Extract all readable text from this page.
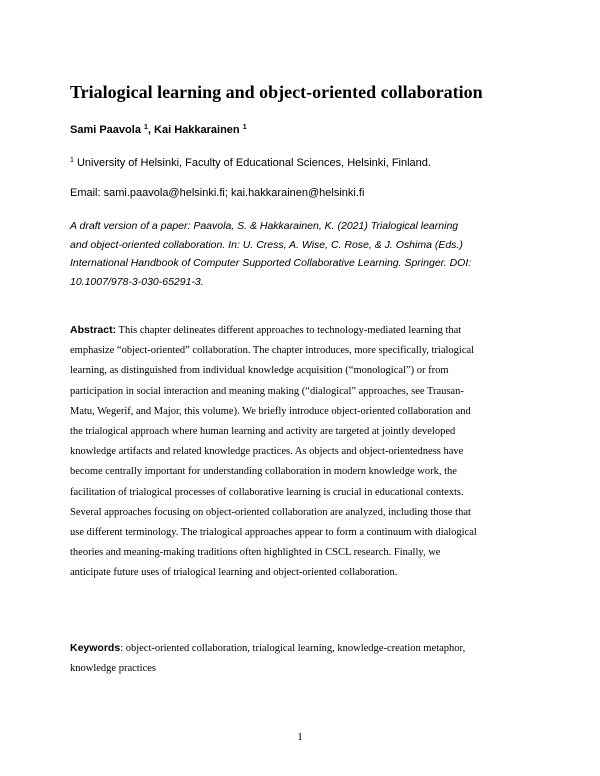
Trialogical learning and object-oriented collaboration
Sami Paavola $^1$, Kai Hakkarainen $^1$
$^1$ University of Helsinki, Faculty of Educational Sciences, Helsinki, Finland.
Email: sami.paavola@helsinki.fi; kai.hakkarainen@helsinki.fi
A draft version of a paper: Paavola, S. & Hakkarainen, K. (2021) Trialogical learning
and object-oriented collaboration. In: U. Cress, A. Wise, C. Rose, & J. Oshima (Eds.)
International Handbook of Computer Supported Collaborative Learning. Springer. DOI:
10.1007/978-3-030-65291-3.
Abstract: This chapter delineates different approaches to technology-mediated learning that
emphasize “object-oriented” collaboration. The chapter introduces, more specifically, trialogical
learning, as distinguished from individual knowledge acquisition (“monological”) or from
participation in social interaction and meaning making (“dialogical” approaches, see Trausan-
Matu, Wegerif, and Major, this volume). We briefly introduce object-oriented collaboration and
the trialogical approach where human learning and activity are targeted at jointly developed
knowledge artifacts and related knowledge practices. As objects and object-orientedness have
become centrally important for understanding collaboration in modern knowledge work, the
facilitation of trialogical processes of collaborative learning is crucial in educational contexts.
Several approaches focusing on object-oriented collaboration are analyzed, including those that
use different terminology. The trialogical approaches appear to form a continuum with dialogical
theories and meaning-making traditions often highlighted in CSCL research. Finally, we
anticipate future uses of trialogical learning and object-oriented collaboration.
Keywords: object-oriented collaboration, trialogical learning, knowledge-creation metaphor,
knowledge practices
1
